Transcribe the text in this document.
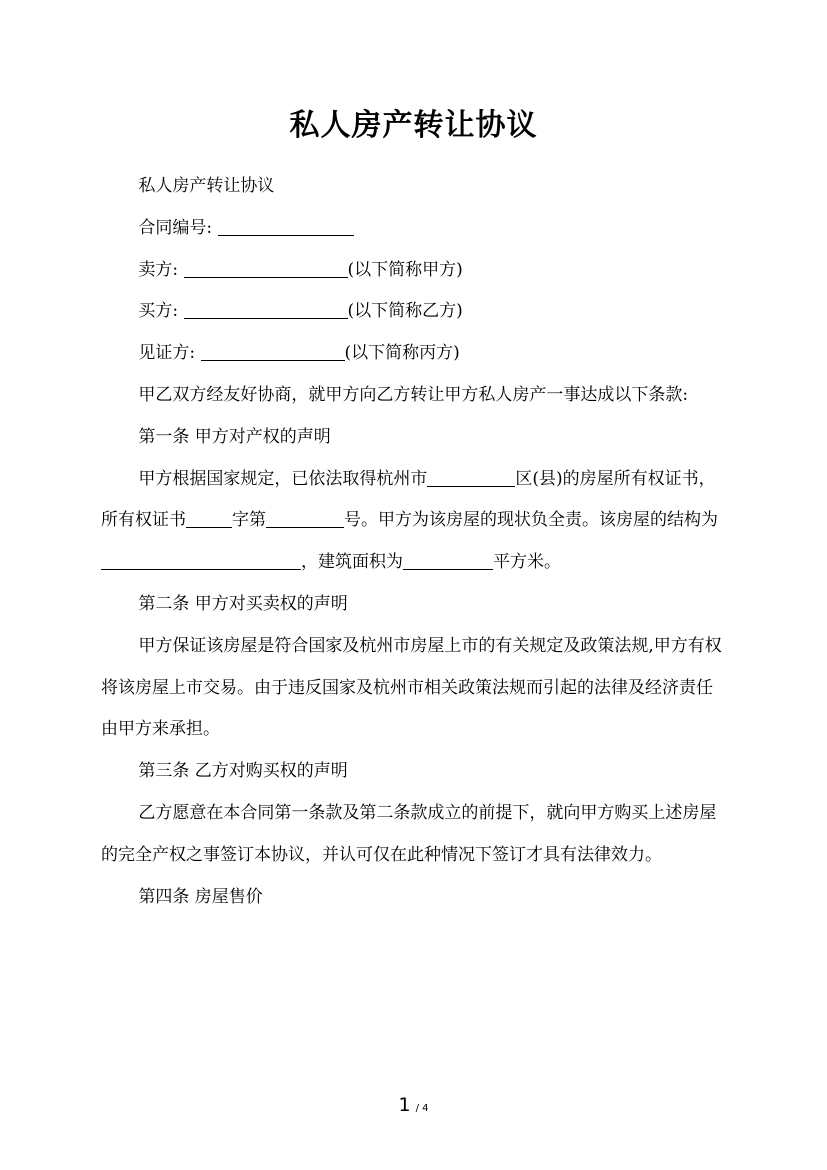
私人房产转让协议

私人房产转让协议

合同编号:

卖方:	(以下简称甲方)

买方:	(以下简称乙方)

见证方:	(以下简称丙方)

甲乙双方经友好协商，就甲方向乙方转让甲方私人房产一事达成以下条款:

第一条 甲方对产权的声明

甲方根据国家规定，已依法取得杭州市	区(县)的房屋所有权证书，所有权证书	字第	号。甲方为该房屋的现状负全责。该房屋的结构为，建筑面积为	平方米。

第二条 甲方对买卖权的声明

甲方保证该房屋是符合国家及杭州市房屋上市的有关规定及政策法规,甲方有权将该房屋上市交易。由于违反国家及杭州市相关政策法规而引起的法律及经济责任由甲方来承担。

第三条 乙方对购买权的声明

乙方愿意在本合同第一条款及第二条款成立的前提下，就向甲方购买上述房屋的完全产权之事签订本协议，并认可仅在此种情况下签订才具有法律效力。

第四条 房屋售价

1 / 4
